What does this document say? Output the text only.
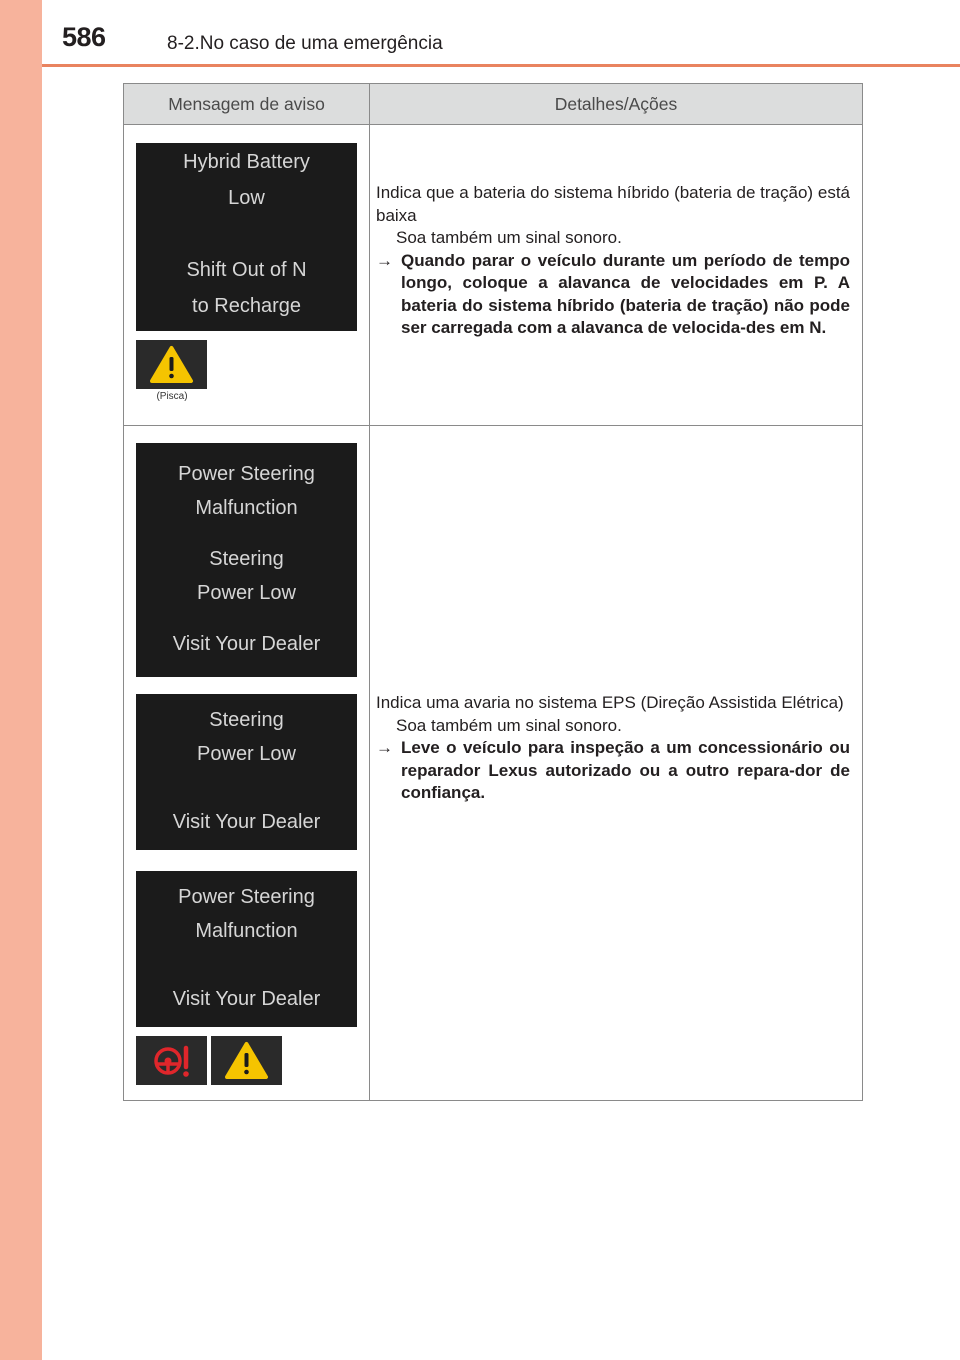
586	8-2.No caso de uma emergência
Mensagem de aviso	Detalhes/Ações
Hybrid Battery
Low
Shift Out of N
to Recharge
(Pisca)

Indica que a bateria do sistema híbrido (bateria de tração) está baixa

Soa também um sinal sonoro.

→ Quando parar o veículo durante um período de tempo longo, coloque a alavanca de velocidades em P. A bateria do sistema híbrido (bateria de tração) não pode ser carregada com a alavanca de velocida-des em N.

Power Steering
Malfunction
Steering
Power Low
Visit Your Dealer
Steering
Power Low
Visit Your Dealer
Power Steering
Malfunction
Visit Your Dealer

Indica uma avaria no sistema EPS (Direção Assistida Elétrica)

Soa também um sinal sonoro.

→ Leve o veículo para inspeção a um concessionário ou reparador Lexus autorizado ou a outro repara-dor de confiança.
